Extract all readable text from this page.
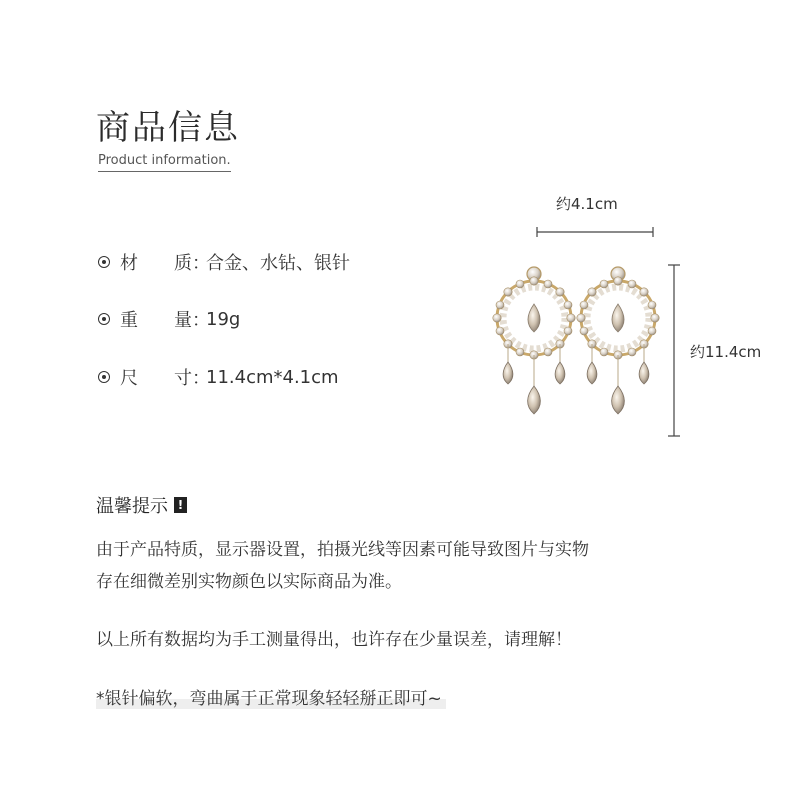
商品信息
Product information.
材	质 ：
合金、水钻、银针
重	量 ：
19g
尺	寸 ：
11.4cm*4.1cm
约4.1cm
约11.4cm
温馨提示 !
由于产品特质，显示器设置，拍摄光线等因素可能导致图片与实物
存在细微差别实物颜色以实际商品为准。
以上所有数据均为手工测量得出，也许存在少量误差，请理解！
*银针偏软，弯曲属于正常现象轻轻掰正即可~
